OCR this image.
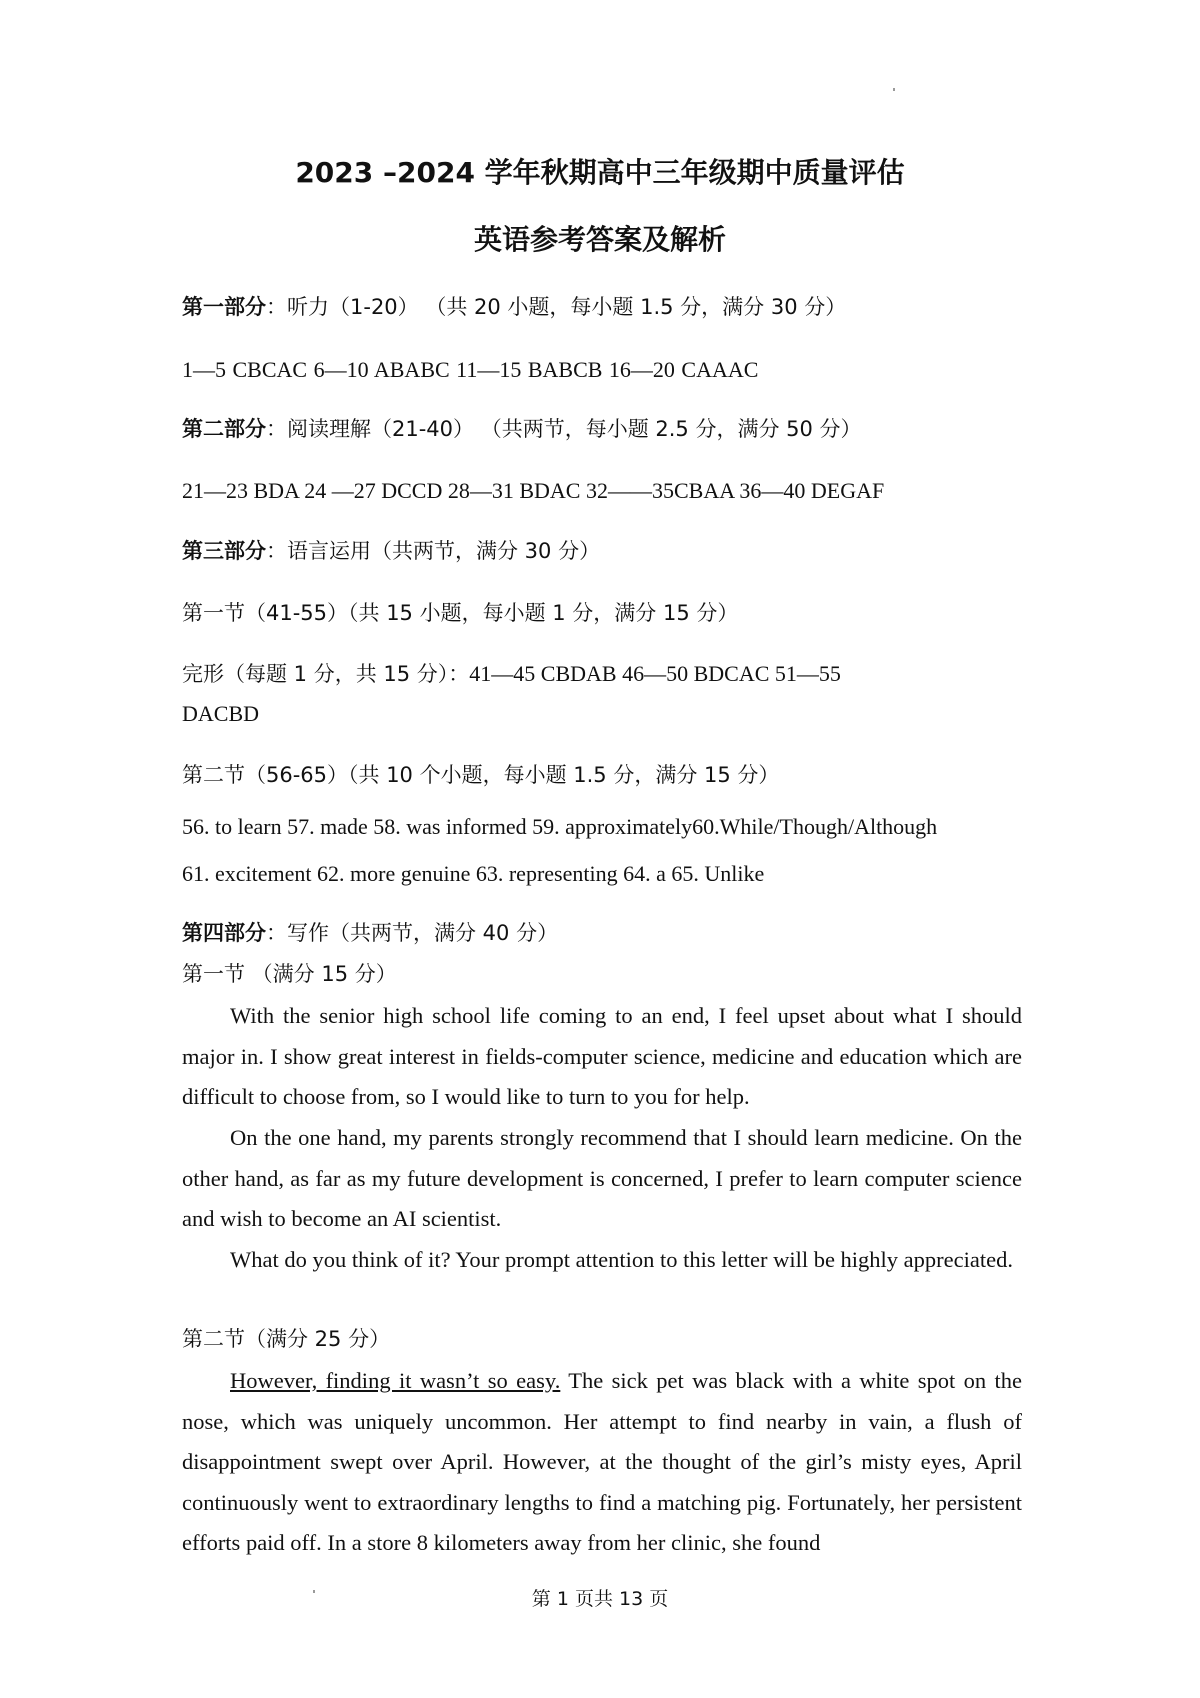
2023 –2024 学年秋期高中三年级期中质量评估
英语参考答案及解析
第一部分：听力（1-20） （共 20 小题，每小题 1.5 分，满分 30 分）
1—5 CBCAC 6—10 ABABC 11—15 BABCB 16—20 CAAAC
第二部分：阅读理解（21-40） （共两节，每小题 2.5 分，满分 50 分）
21—23 BDA 24 —27 DCCD 28—31 BDAC 32——35CBAA 36—40 DEGAF
第三部分：语言运用（共两节，满分 30 分）
第一节（41-55）（共 15 小题，每小题 1 分，满分 15 分）
完形（每题 1 分，共 15 分）：41—45 CBDAB 46—50 BDCAC 51—55
DACBD
第二节（56-65）（共 10 个小题，每小题 1.5 分，满分 15 分）
56. to learn 57. made 58. was informed 59. approximately60.While/Though/Although
61. excitement 62. more genuine 63. representing 64. a 65. Unlike
第四部分：写作（共两节，满分 40 分）
第一节 （满分 15 分）
With the senior high school life coming to an end, I feel upset about what I should major in. I show great interest in fields-computer science, medicine and education which are difficult to choose from, so I would like to turn to you for help.
On the one hand, my parents strongly recommend that I should learn medicine. On the other hand, as far as my future development is concerned, I prefer to learn computer science and wish to become an AI scientist.
What do you think of it? Your prompt attention to this letter will be highly appreciated.
第二节（满分 25 分）
However, finding it wasn’t so easy. The sick pet was black with a white spot on the nose, which was uniquely uncommon. Her attempt to find nearby in vain, a flush of disappointment swept over April. However, at the thought of the girl’s misty eyes, April continuously went to extraordinary lengths to find a matching pig. Fortunately, her persistent efforts paid off. In a store 8 kilometers away from her clinic, she found
第 1 页共 13 页
